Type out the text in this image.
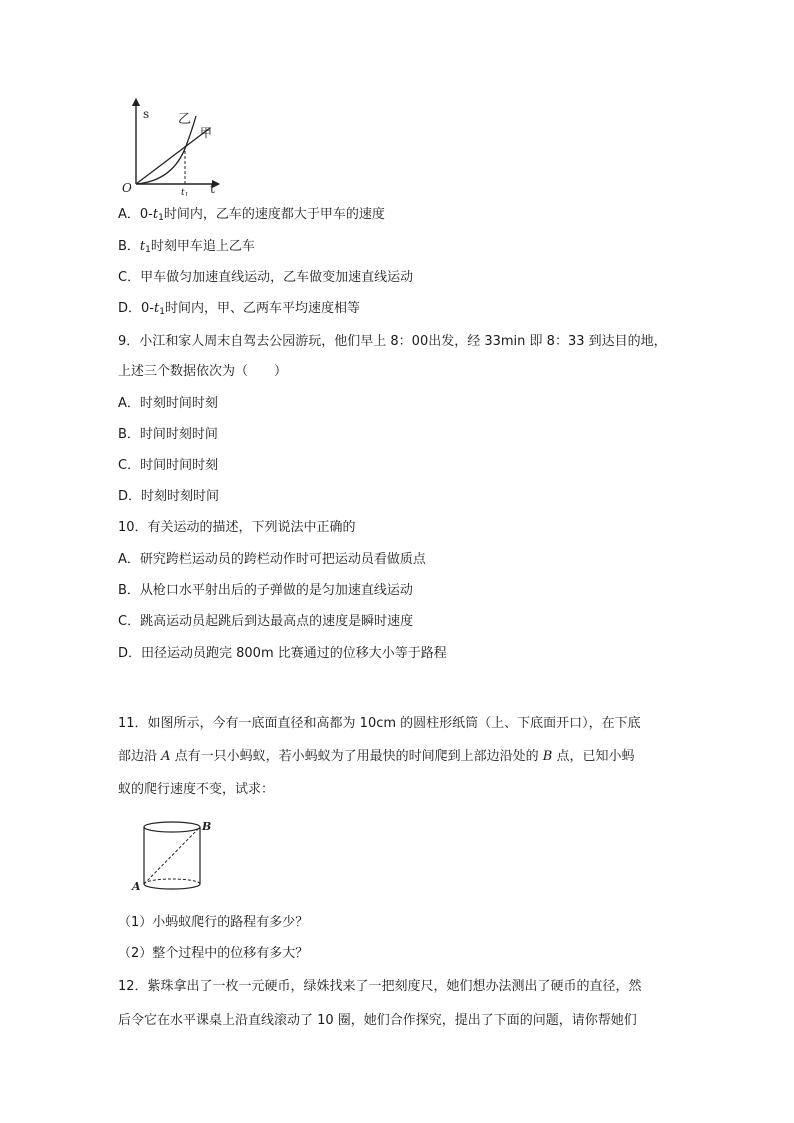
s
t
O	$t_1$
乙
甲
A．$0-t_1$时间内，乙车的速度都大于甲车的速度
B．$t_1$时刻甲车追上乙车
C．甲车做匀加速直线运动，乙车做变加速直线运动
D．$0-t_1$时间内，甲、乙两车平均速度相等
9．小江和家人周末自驾去公园游玩，他们早上 8：00出发，经 33min 即 8：33 到达目的地，
上述三个数据依次为（　　）
A．时刻时间时刻
B．时间时刻时间
C．时间时间时刻
D．时刻时刻时间
10．有关运动的描述，下列说法中正确的
A．研究跨栏运动员的跨栏动作时可把运动员看做质点
B．从枪口水平射出后的子弹做的是匀加速直线运动
C．跳高运动员起跳后到达最高点的速度是瞬时速度
D．田径运动员跑完 800m 比赛通过的位移大小等于路程
11．如图所示，今有一底面直径和高都为 10cm 的圆柱形纸筒（上、下底面开口），在下底
部边沿 A 点有一只小蚂蚁，若小蚂蚁为了用最快的时间爬到上部边沿处的 B 点，已知小蚂
蚁的爬行速度不变，试求：
A
B
（1）小蚂蚁爬行的路程有多少？
（2）整个过程中的位移有多大？
12．紫珠拿出了一枚一元硬币，绿姝找来了一把刻度尺，她们想办法测出了硬币的直径，然
后令它在水平课桌上沿直线滚动了 10 圈，她们合作探究，提出了下面的问题，请你帮她们
